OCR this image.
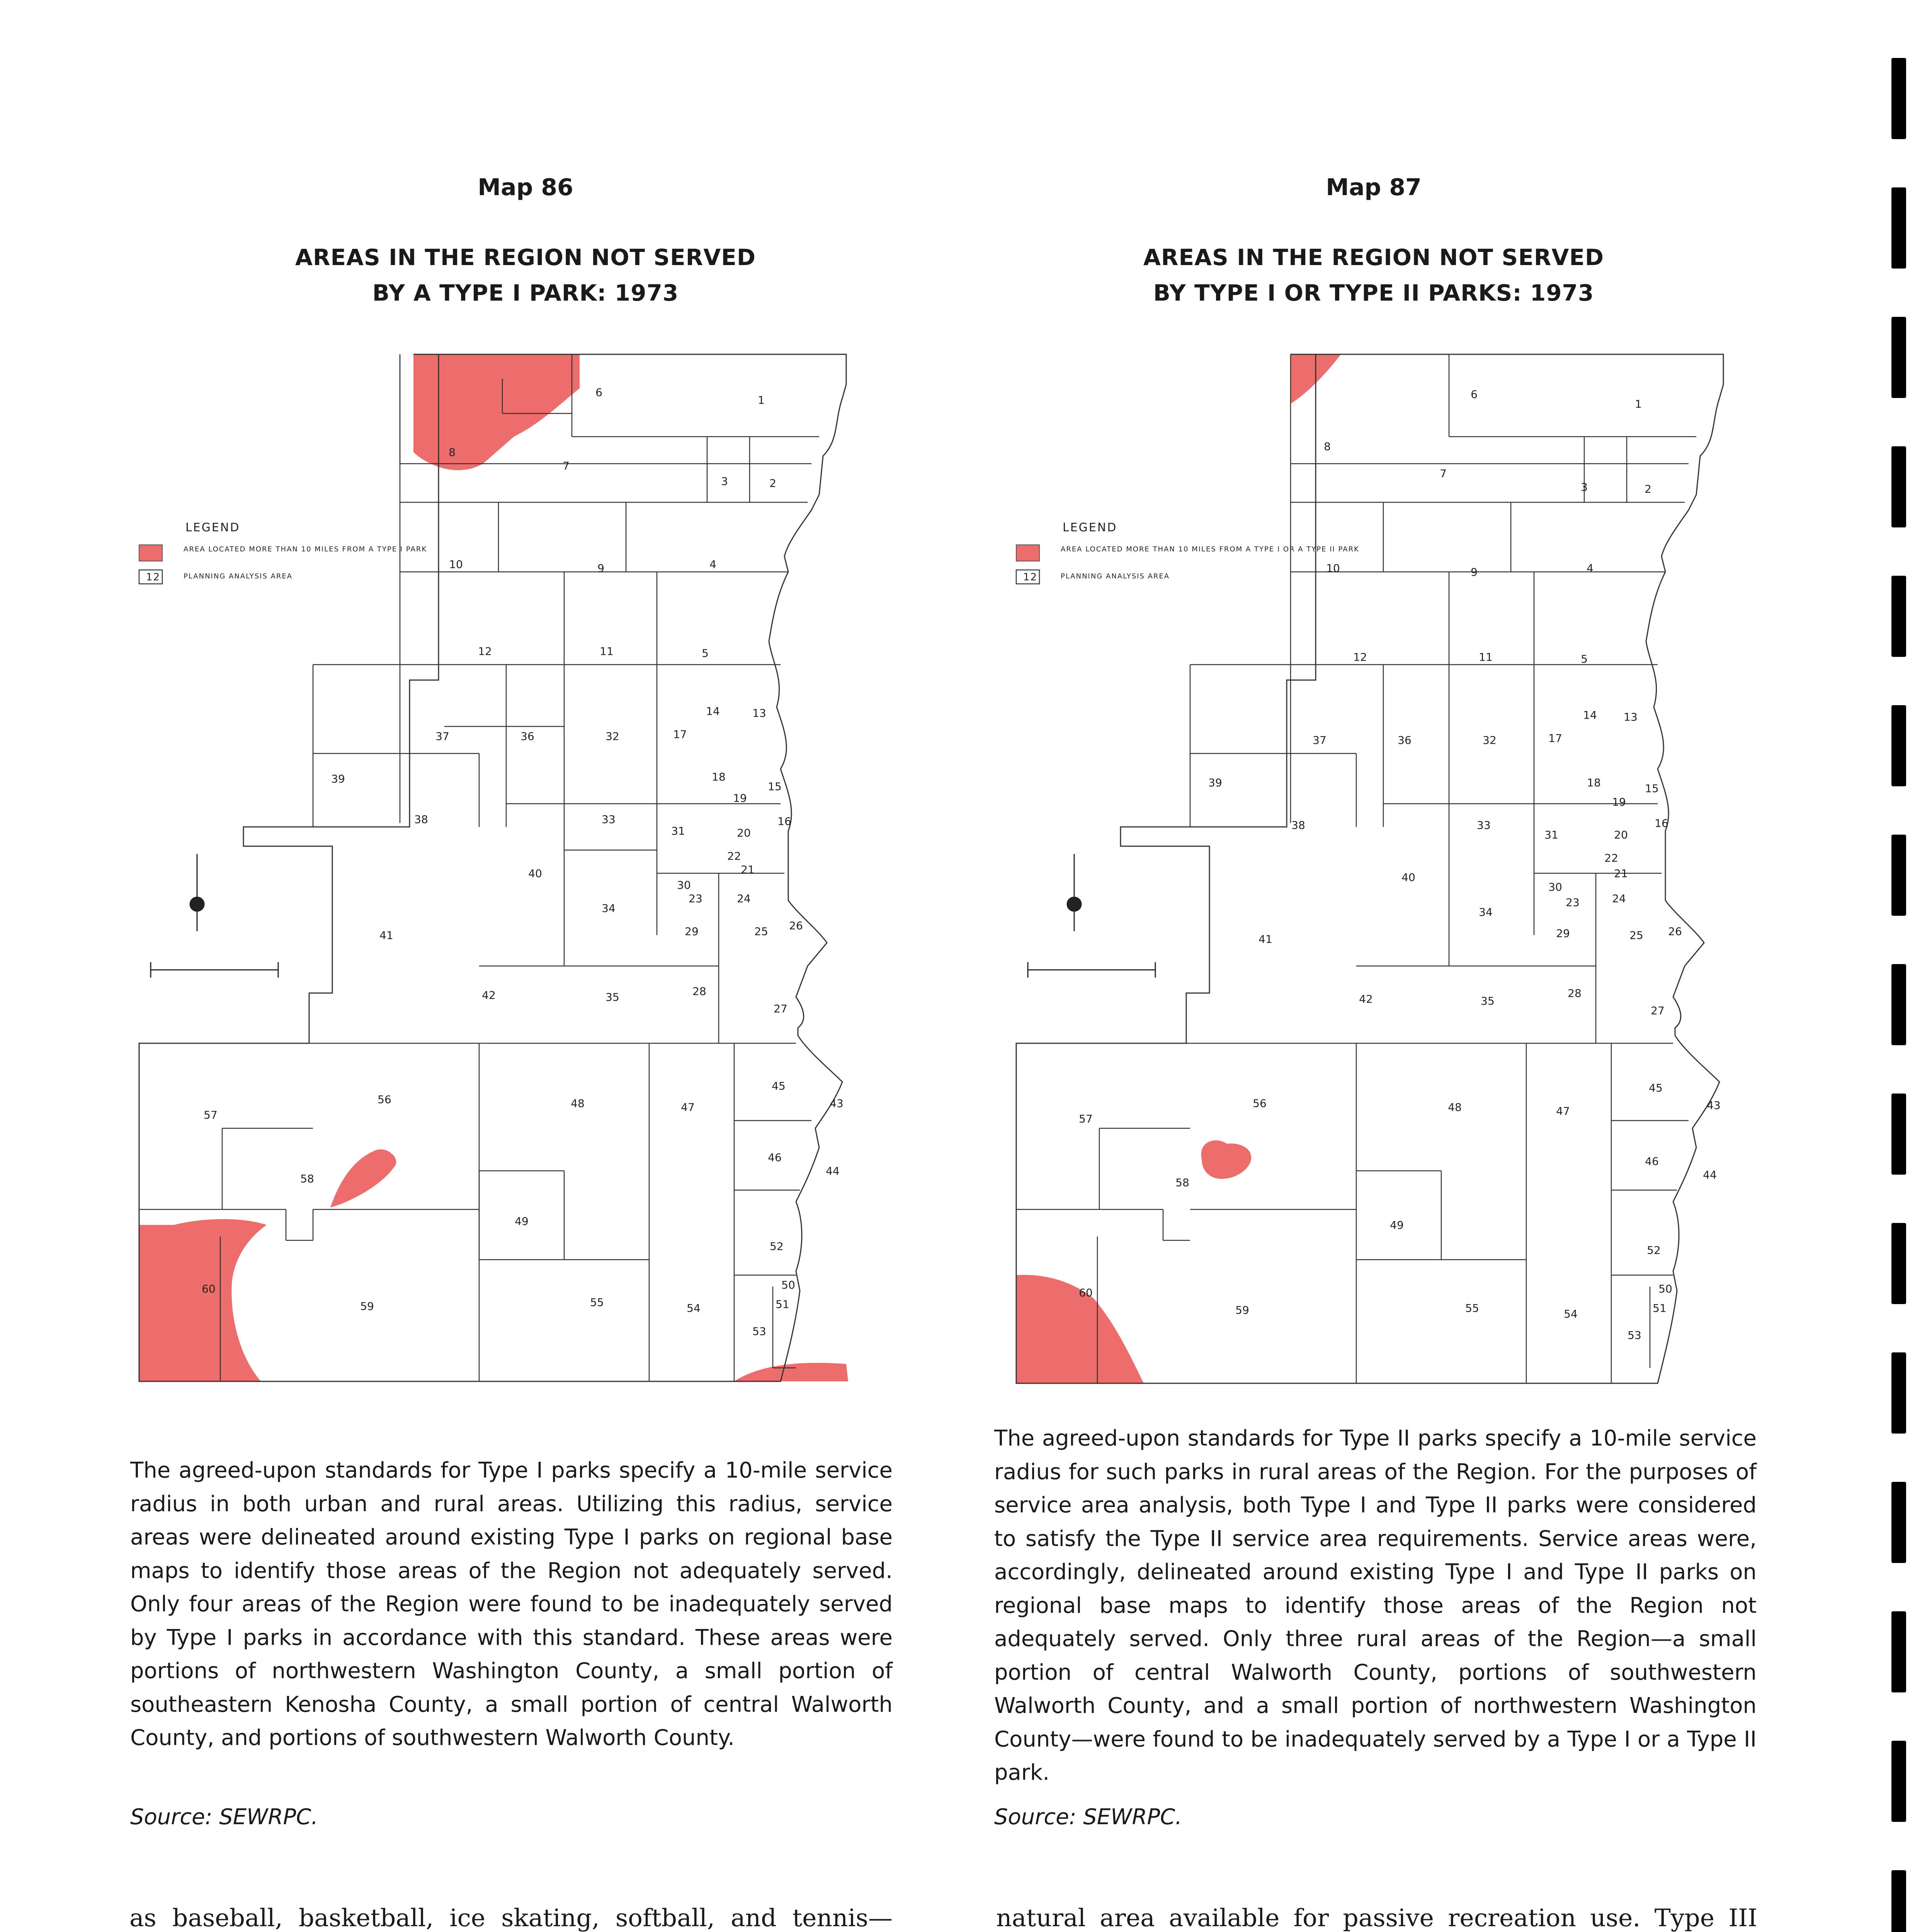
Map 86
AREAS IN THE REGION NOT SERVED
BY A TYPE I PARK: 1973
Map 87
AREAS IN THE REGION NOT SERVED
BY TYPE I OR TYPE II PARKS: 1973
LEGEND
AREA LOCATED MORE THAN 10 MILES FROM A TYPE I PARK
12	PLANNING ANALYSIS AREA
1
2
3
4
5
6
7
8
9
10
11
12
13
14
15
16
17
18
19
20
21
22
23	24
25 26
27
28
29
30
31
32
33
34
35
36
37
38
39
40
41
42
43
44
45
46
47
48
49
50
51
52
53
54
55
56
57
58
59
60
LEGEND
AREA LOCATED MORE THAN 10 MILES FROM A TYPE I OR A TYPE II PARK
12	PLANNING ANALYSIS AREA
1
2
3
4
5
6
7
8
9
10
11
12
13
14
15
16
17
18
19
20
21
22
23	24
25 26
27
28
29
30
31
32
33
34
35
36
37
38
39
40
41
42
43
44
45
46
47
48
49
50
51
52
53
54
55
56
57
58
59
60
The agreed-upon standards for Type I parks specify a 10-mile service radius in both urban and rural areas. Utilizing this radius, service areas were delineated around existing Type I parks on regional base maps to identify those areas of the Region not adequately served. Only four areas of the Region were found to be inadequately served by Type I parks in accordance with this standard. These areas were portions of northwestern Washington County, a small portion of southeastern Kenosha County, a small portion of central Walworth County, and portions of southwestern Walworth County.
Source: SEWRPC.
The agreed-upon standards for Type II parks specify a 10-mile service radius for such parks in rural areas of the Region. For the purposes of service area analysis, both Type I and Type II parks were considered to satisfy the Type II service area requirements. Service areas were, accordingly, delineated around existing Type I and Type II parks on regional base maps to identify those areas of the Region not adequately served. Only three rural areas of the Region—a small portion of central Walworth County, portions of southwestern Walworth County, and a small portion of northwestern Washington County—were found to be inadequately served by a Type I or a Type II park.
Source: SEWRPC.

as baseball, basketball, ice skating, softball, and tennis—	natural area available for passive recreation use. Type III
